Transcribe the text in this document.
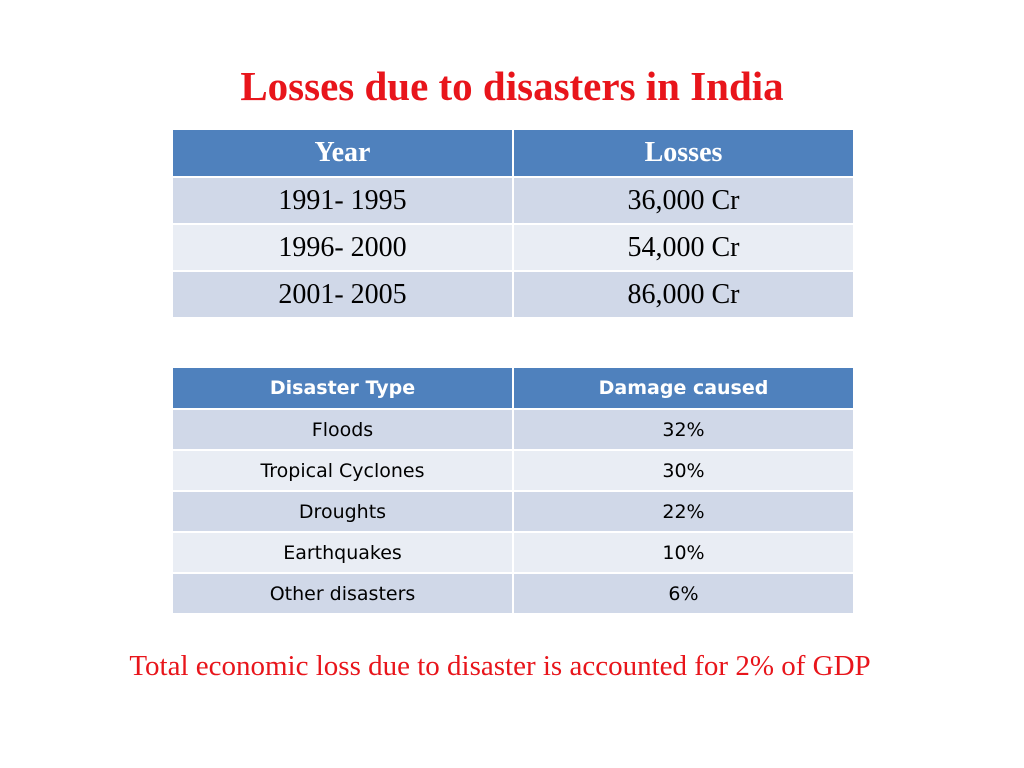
Losses due to disasters in India
Year	Losses
1991- 1995	36,000 Cr
1996- 2000	54,000 Cr
2001- 2005	86,000 Cr
Disaster Type	Damage caused
Floods	32%
Tropical Cyclones	30%
Droughts	22%
Earthquakes	10%
Other disasters	6%

Total economic loss due to disaster is accounted for 2% of GDP
